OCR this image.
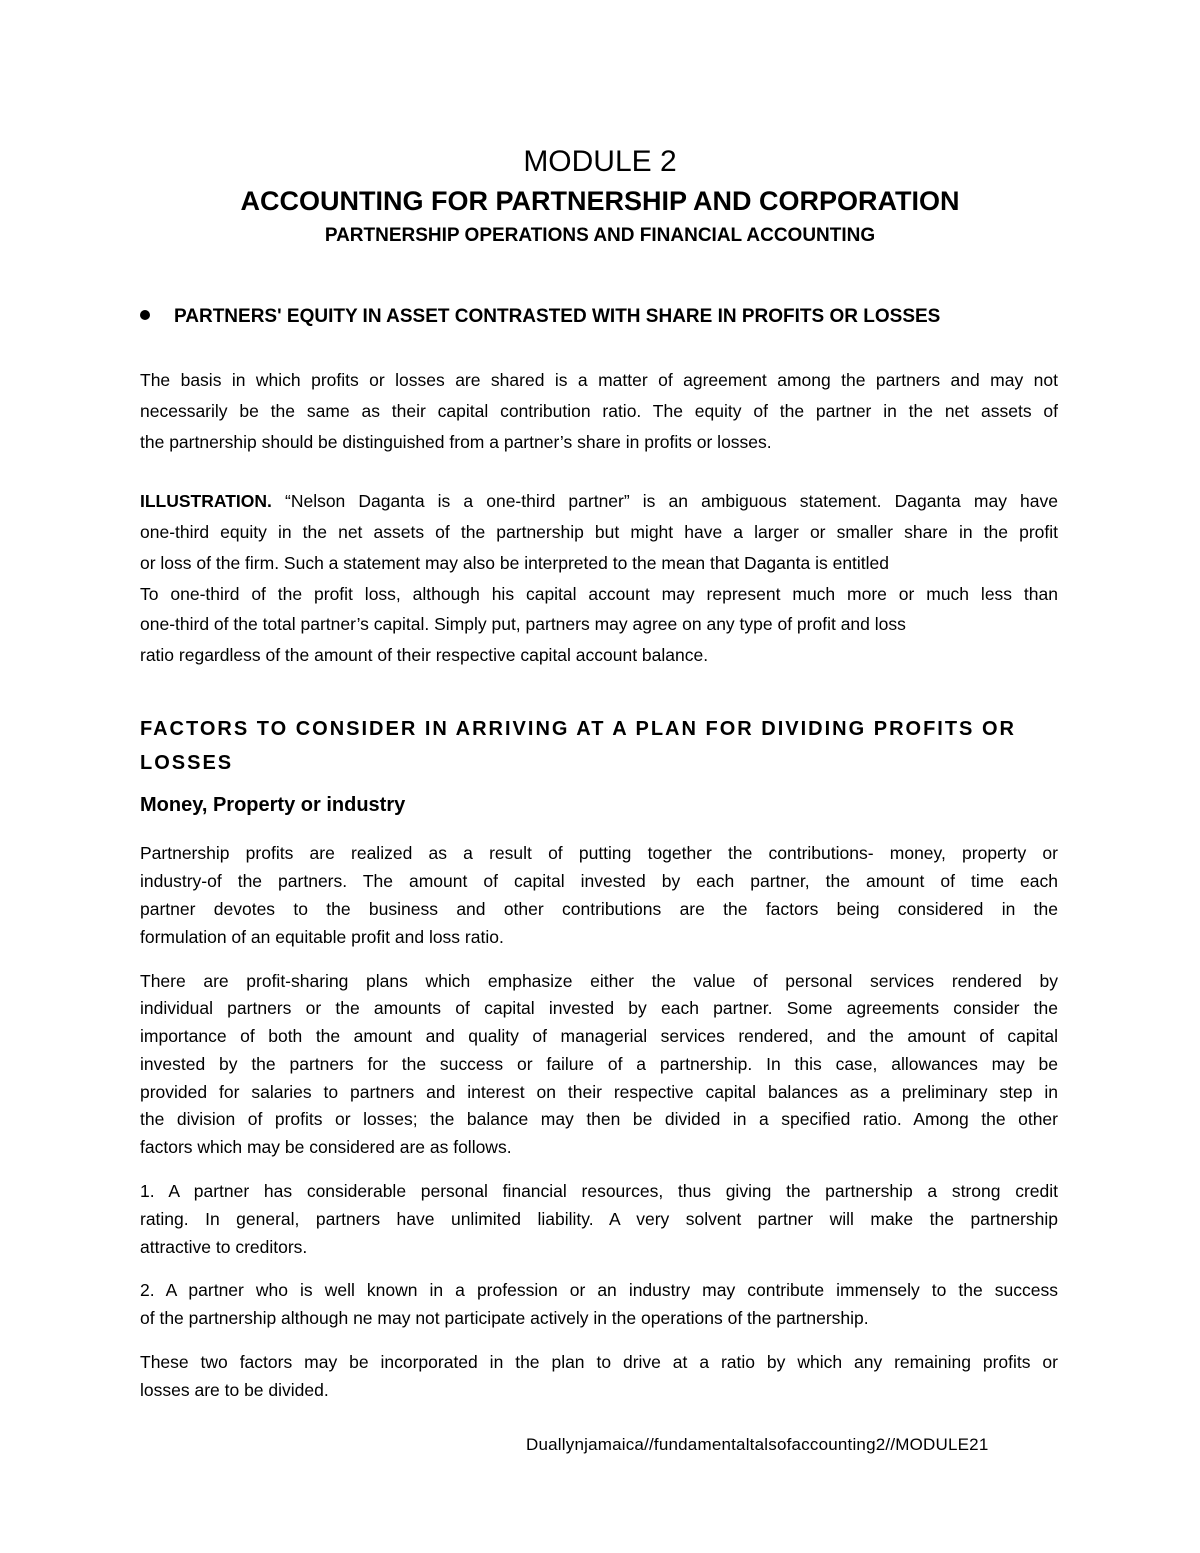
MODULE 2
ACCOUNTING FOR PARTNERSHIP AND CORPORATION
PARTNERSHIP OPERATIONS AND FINANCIAL ACCOUNTING
PARTNERS' EQUITY IN ASSET CONTRASTED WITH SHARE IN PROFITS OR LOSSES
The basis in which profits or losses are shared is a matter of agreement among the partners and may not
necessarily be the same as their capital contribution ratio. The equity of the partner in the net assets of
the partnership should be distinguished from a partner’s share in profits or losses.
ILLUSTRATION. “Nelson Daganta is a one-third partner” is an ambiguous statement. Daganta may have
one-third equity in the net assets of the partnership but might have a larger or smaller share in the profit
or loss of the firm. Such a statement may also be interpreted to the mean that Daganta is entitled
To one-third of the profit loss, although his capital account may represent much more or much less than
one-third of the total partner’s capital. Simply put, partners may agree on any type of profit and loss
ratio regardless of the amount of their respective capital account balance.
FACTORS TO CONSIDER IN ARRIVING AT A PLAN FOR DIVIDING PROFITS OR
LOSSES
Money, Property or industry
Partnership profits are realized as a result of putting together the contributions- money, property or
industry-of the partners. The amount of capital invested by each partner, the amount of time each
partner devotes to the business and other contributions are the factors being considered in the
formulation of an equitable profit and loss ratio.
There are profit-sharing plans which emphasize either the value of personal services rendered by
individual partners or the amounts of capital invested by each partner. Some agreements consider the
importance of both the amount and quality of managerial services rendered, and the amount of capital
invested by the partners for the success or failure of a partnership. In this case, allowances may be
provided for salaries to partners and interest on their respective capital balances as a preliminary step in
the division of profits or losses; the balance may then be divided in a specified ratio. Among the other
factors which may be considered are as follows.
1. A partner has considerable personal financial resources, thus giving the partnership a strong credit
rating. In general, partners have unlimited liability. A very solvent partner will make the partnership
attractive to creditors.
2. A partner who is well known in a profession or an industry may contribute immensely to the success
of the partnership although ne may not participate actively in the operations of the partnership.
These two factors may be incorporated in the plan to drive at a ratio by which any remaining profits or
losses are to be divided.
Duallynjamaica//fundamentaltalsofaccounting2//MODULE21
